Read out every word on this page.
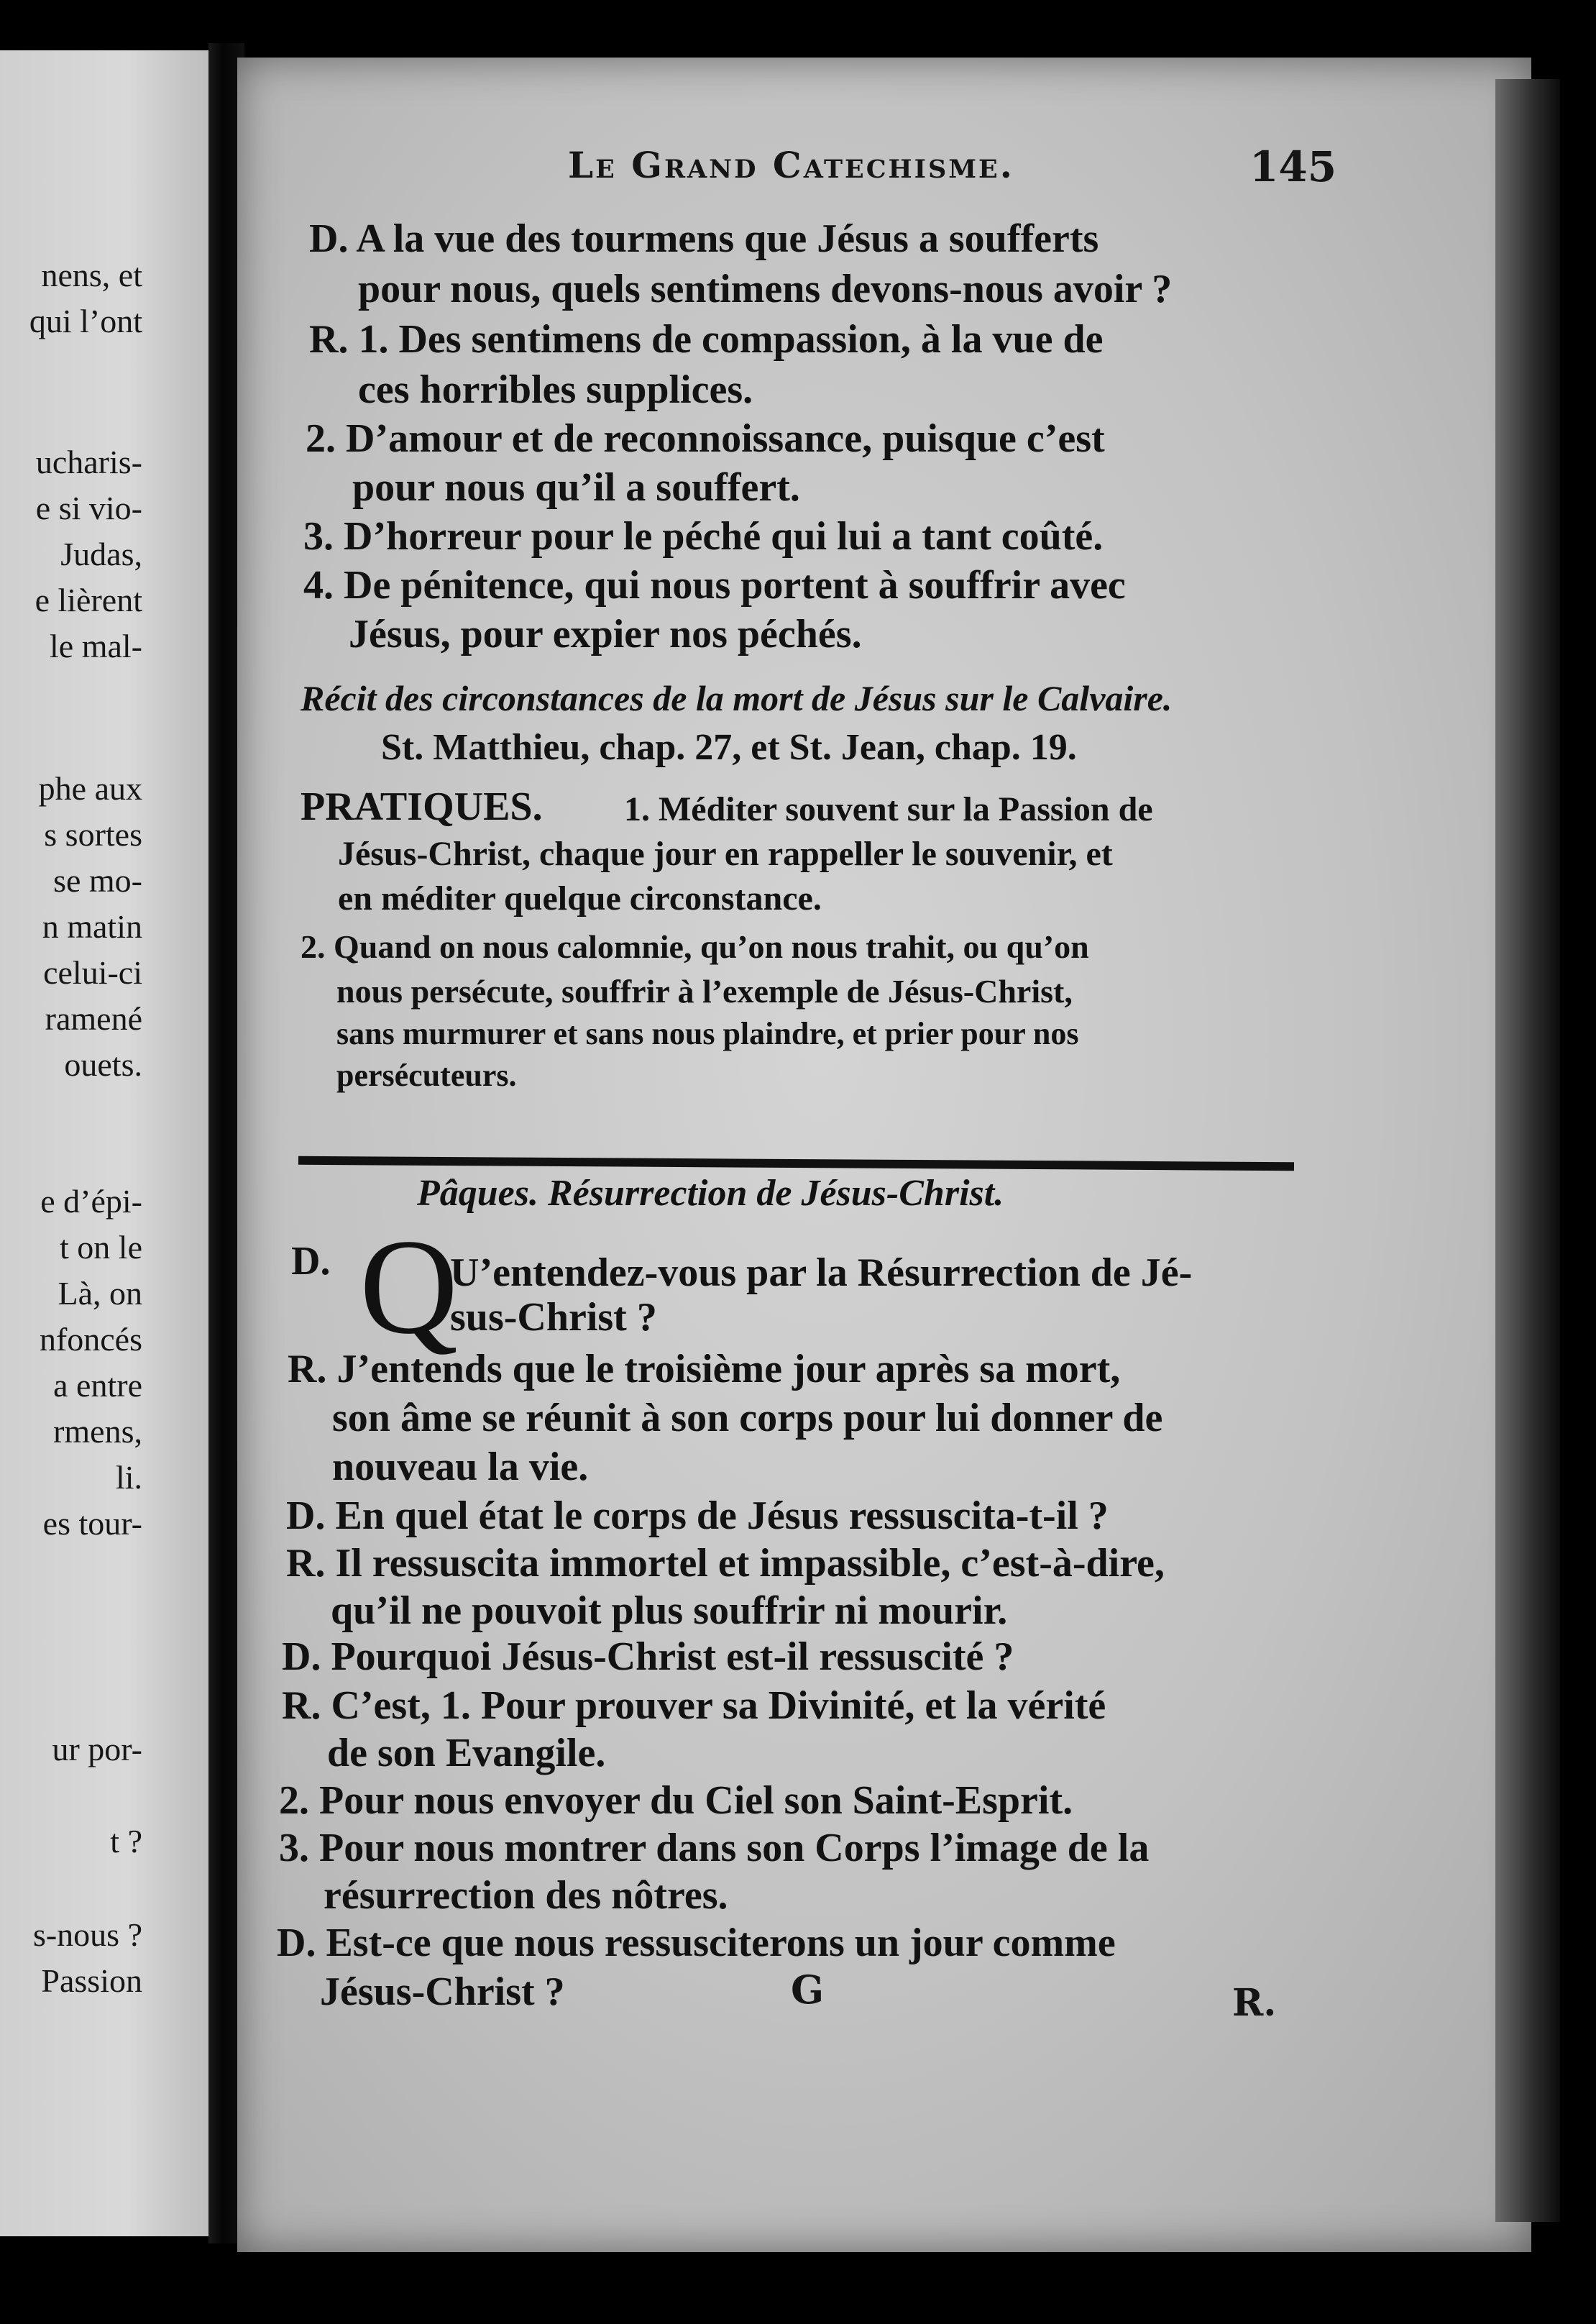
nens, et
qui l’ont
ucharis-
e si vio-
Judas,
e lièrent
le mal-
phe aux
s sortes
se mo-
n matin
celui-ci
ramené
ouets.
e d’épi-
t on le
Là, on
nfoncés
a entre
rmens,
li.
es tour-
ur por-
t ?
s-nous ?
Passion
Le Grand Catechisme.	145
D. A la vue des tourmens que Jésus a soufferts
pour nous, quels sentimens devons-nous avoir ?
R. 1. Des sentimens de compassion, à la vue de
ces horribles supplices.
2. D’amour et de reconnoissance, puisque c’est
pour nous qu’il a souffert.
3. D’horreur pour le péché qui lui a tant coûté.
4. De pénitence, qui nous portent à souffrir avec
Jésus, pour expier nos péchés.
Récit des circonstances de la mort de Jésus sur le Calvaire.
St. Matthieu, chap. 27, et St. Jean, chap. 19.
PRATIQUES. 1. Méditer souvent sur la Passion de
Jésus-Christ, chaque jour en rappeller le souvenir, et
en méditer quelque circonstance.
2. Quand on nous calomnie, qu’on nous trahit, ou qu’on
nous persécute, souffrir à l’exemple de Jésus-Christ,
sans murmurer et sans nous plaindre, et prier pour nos
persécuteurs.
Pâques. Résurrection de Jésus-Christ.
Q
D.	U’entendez-vous par la Résurrection de Jé-
sus-Christ ?
R. J’entends que le troisième jour après sa mort,
son âme se réunit à son corps pour lui donner de
nouveau la vie.
D. En quel état le corps de Jésus ressuscita-t-il ?
R. Il ressuscita immortel et impassible, c’est-à-dire,
qu’il ne pouvoit plus souffrir ni mourir.
D. Pourquoi Jésus-Christ est-il ressuscité ?
R. C’est, 1. Pour prouver sa Divinité, et la vérité
de son Evangile.
2. Pour nous envoyer du Ciel son Saint-Esprit.
3. Pour nous montrer dans son Corps l’image de la
résurrection des nôtres.
D. Est-ce que nous ressusciterons un jour comme
Jésus-Christ ?	G	R.
